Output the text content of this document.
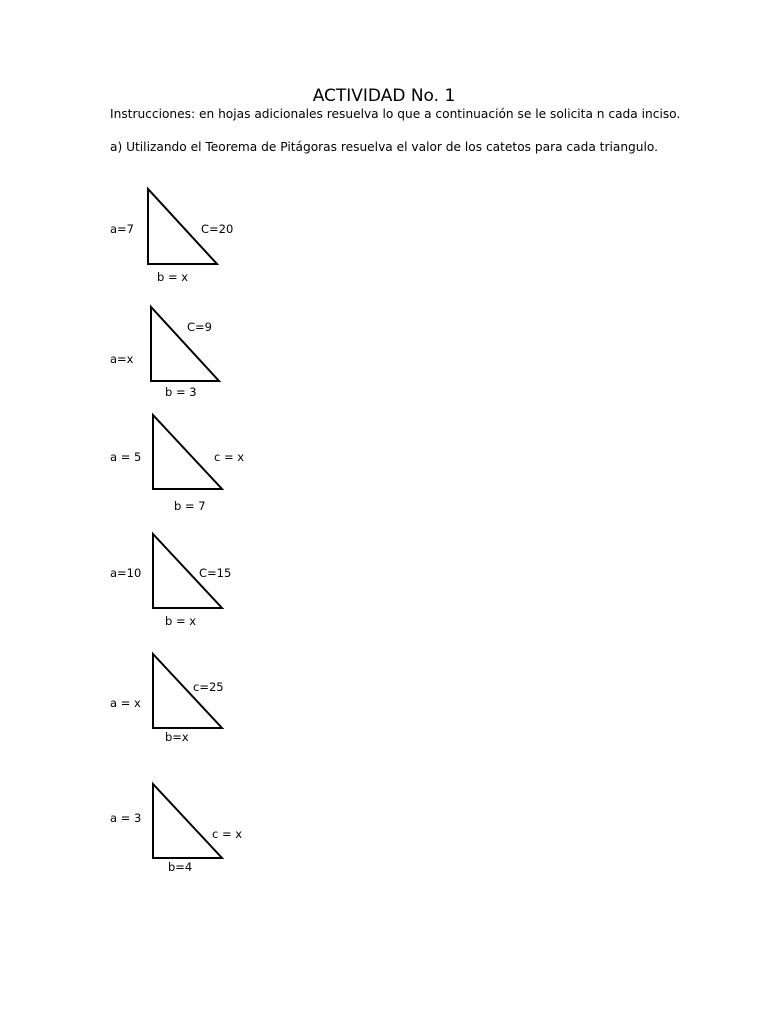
ACTIVIDAD No. 1
Instrucciones: en hojas adicionales resuelva lo que a continuación se le solicita n cada inciso.
a) Utilizando el Teorema de Pitágoras resuelva el valor de los catetos para cada triangulo.
a=7	C=20
b = x
a=x
C=9
b = 3
a = 5	c = x
b = 7
a=10	C=15
b = x
a = x
c=25
b=x
a = 3
c = x
b=4
